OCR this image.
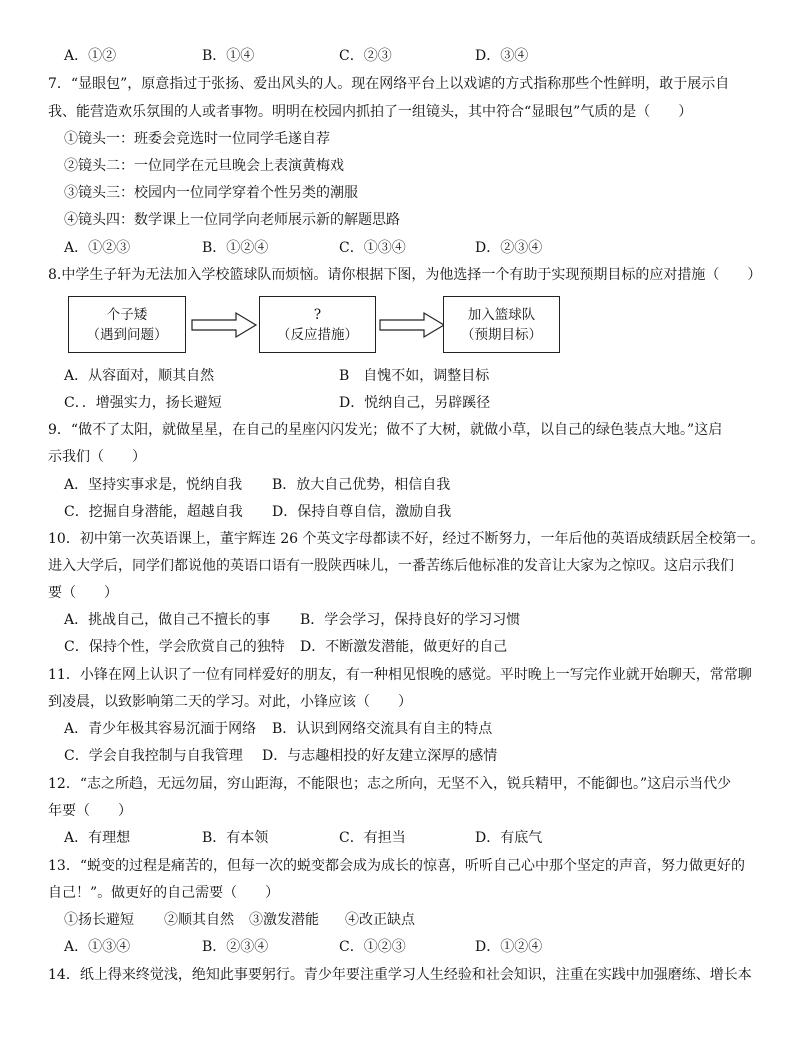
A．①②	B．①④	C．②③	D．③④
7．“显眼包”，原意指过于张扬、爱出风头的人。现在网络平台上以戏谑的方式指称那些个性鲜明，敢于展示自
我、能营造欢乐氛围的人或者事物。明明在校园内抓拍了一组镜头，其中符合“显眼包”气质的是（　　）
①镜头一：班委会竞选时一位同学毛遂自荐
②镜头二：一位同学在元旦晚会上表演黄梅戏
③镜头三：校园内一位同学穿着个性另类的潮服
④镜头四：数学课上一位同学向老师展示新的解题思路
A．①②③	B．①②④	C．①③④	D．②③④
8.中学生子轩为无法加入学校篮球队而烦恼。请你根据下图，为他选择一个有助于实现预期目标的应对措施（　　）
个子矮
（遇到问题）
?
（反应措施）
加入篮球队
（预期目标）
A．从容面对，顺其自然	B　自愧不如，调整目标
C．．增强实力，扬长避短	D．悦纳自己，另辟蹊径
9．“做不了太阳，就做星星，在自己的星座闪闪发光；做不了大树，就做小草，以自己的绿色装点大地。”这启
示我们（　　）
A．坚持实事求是，悦纳自我 B．放大自己优势，相信自我
C．挖掘自身潜能，超越自我 D．保持自尊自信，激励自我
10．初中第一次英语课上，董宇辉连 26 个英文字母都读不好，经过不断努力，一年后他的英语成绩跃居全校第一。
进入大学后，同学们都说他的英语口语有一股陕西味儿，一番苦练后他标准的发音让大家为之惊叹。这启示我们
要（　　）
A．挑战自己，做自己不擅长的事 B．学会学习，保持良好的学习习惯
C．保持个性，学会欣赏自己的独特 D．不断激发潜能，做更好的自己
11．小锋在网上认识了一位有同样爱好的朋友，有一种相见恨晚的感觉。平时晚上一写完作业就开始聊天，常常聊
到凌晨，以致影响第二天的学习。对此，小锋应该（　　）
A．青少年极其容易沉湎于网络 B．认识到网络交流具有自主的特点
C．学会自我控制与自我管理 D．与志趣相投的好友建立深厚的感情
12．“志之所趋，无远勿届，穷山距海，不能限也；志之所向，无坚不入，锐兵精甲，不能御也。”这启示当代少
年要（　　）
A．有理想	B．有本领	C．有担当	D．有底气
13．“蜕变的过程是痛苦的，但每一次的蜕变都会成为成长的惊喜，听听自己心中那个坚定的声音，努力做更好的
自己！”。做更好的自己需要（　　）
①扬长避短 ②顺其自然 ③激发潜能 ④改正缺点
A．①③④	B．②③④	C．①②③	D．①②④
14．纸上得来终觉浅，绝知此事要躬行。青少年要注重学习人生经验和社会知识，注重在实践中加强磨练、增长本
